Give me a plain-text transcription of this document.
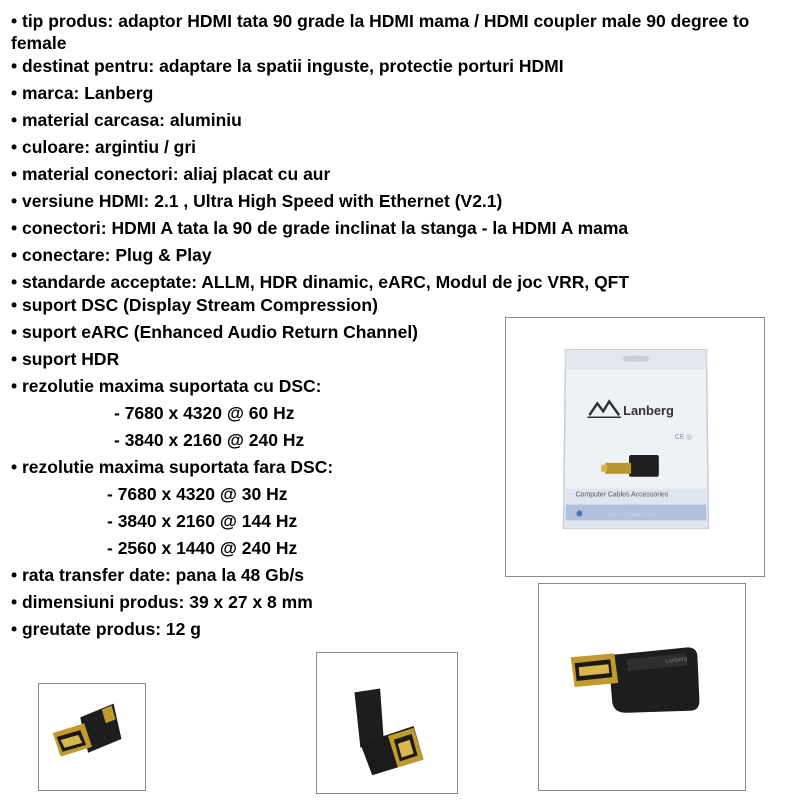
• tip produs: adaptor HDMI tata 90 grade la HDMI mama / HDMI coupler male 90 degree to female
• destinat pentru: adaptare la spatii inguste, protectie porturi HDMI
• marca: Lanberg
• material carcasa: aluminiu
• culoare: argintiu / gri
• material conectori: aliaj placat cu aur
• versiune HDMI: 2.1 , Ultra High Speed with Ethernet (V2.1)
• conectori: HDMI A tata la 90 de grade inclinat la stanga - la HDMI A mama
• conectare: Plug & Play
• standarde acceptate: ALLM, HDR dinamic, eARC, Modul de joc VRR, QFT
• suport DSC (Display Stream Compression)
• suport eARC (Enhanced Audio Return Channel)
• suport HDR
• rezolutie maxima suportata cu DSC:
- 7680 x 4320 @ 60 Hz
- 3840 x 2160 @ 240 Hz
• rezolutie maxima suportata fara DSC:
- 7680 x 4320 @ 30 Hz
- 3840 x 2160 @ 144 Hz
- 2560 x 1440 @ 240 Hz
• rata transfer date: pana la 48 Gb/s
• dimensiuni produs: 39 x 27 x 8 mm
• greutate produs: 12 g
Lanberg
CE ◎
Computer Cables Accessories
www.lanberg.eu
Lanberg
